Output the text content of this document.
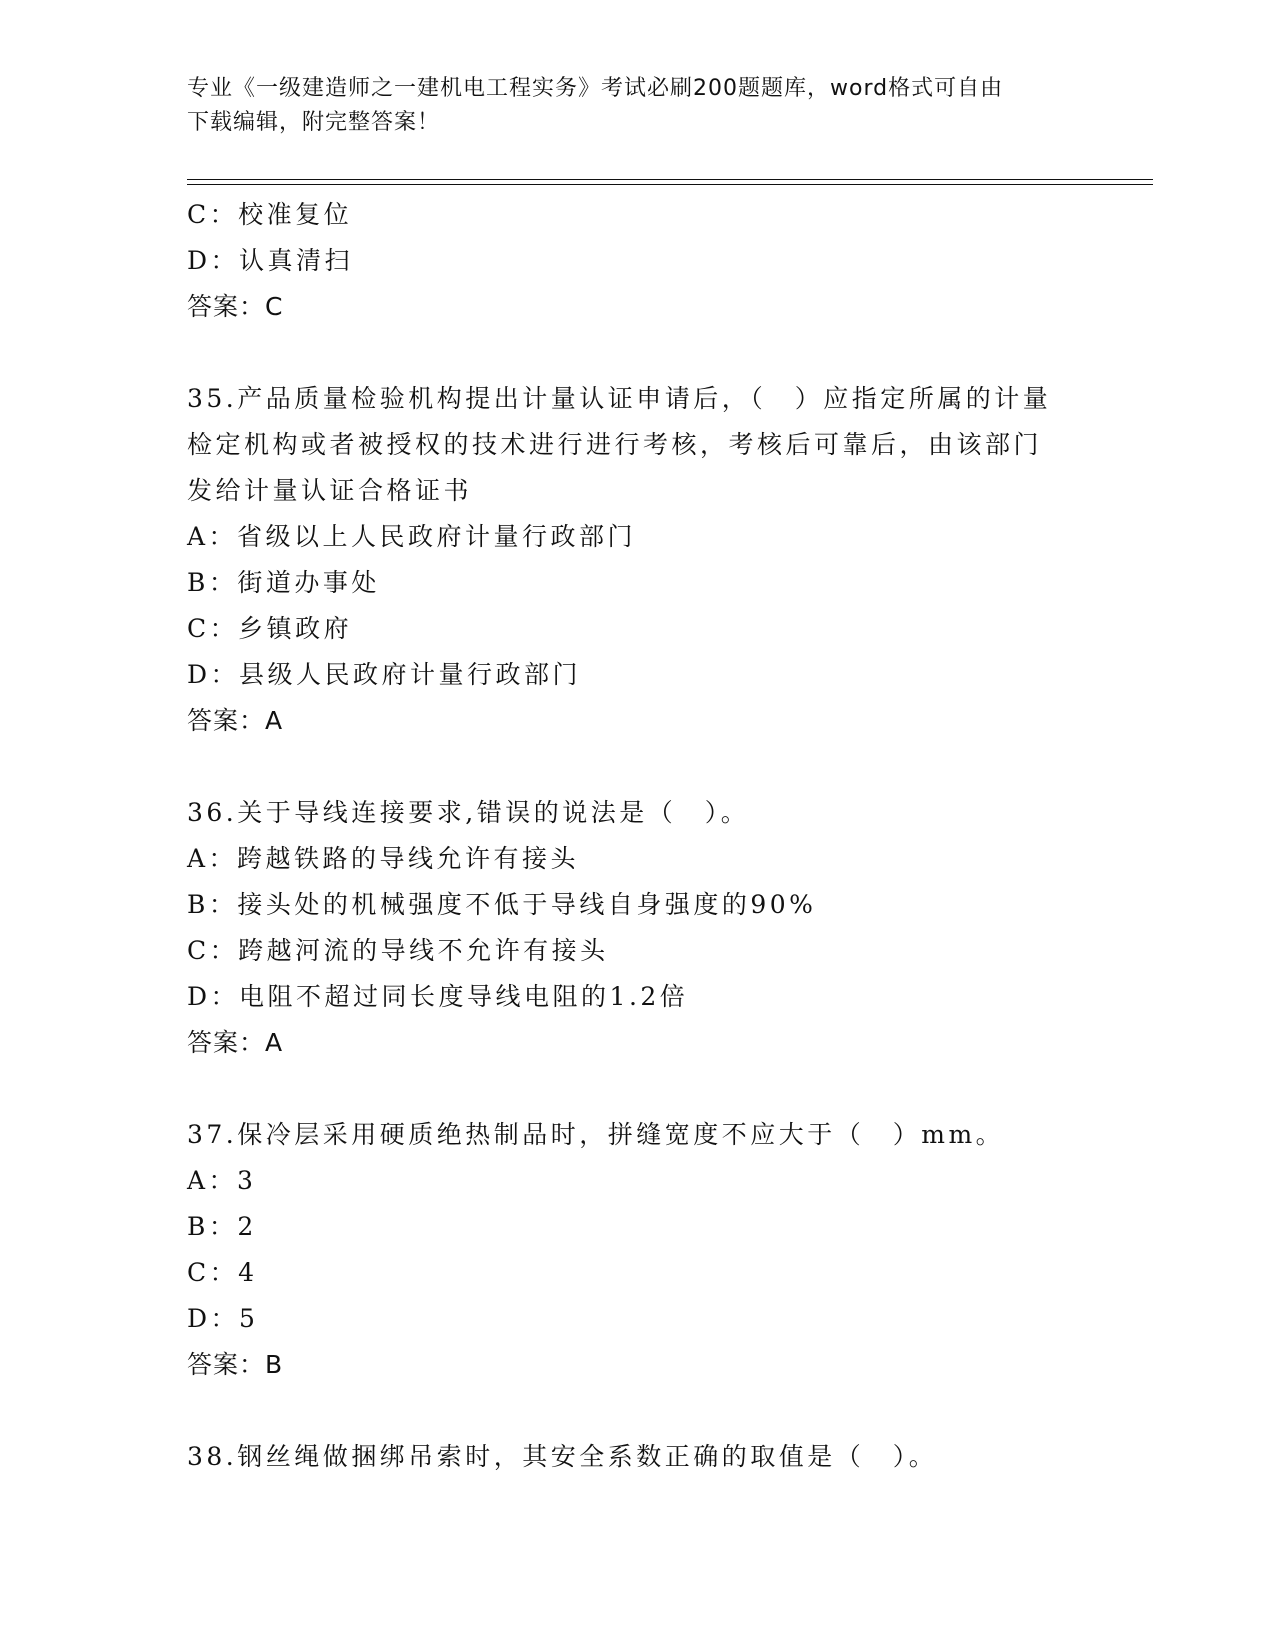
专业《一级建造师之一建机电工程实务》考试必刷200题题库，word格式可自由
下载编辑，附完整答案！
C：校准复位
D：认真清扫
答案：C
35.产品质量检验机构提出计量认证申请后，（　）应指定所属的计量
检定机构或者被授权的技术进行进行考核，考核后可靠后，由该部门
发给计量认证合格证书
A：省级以上人民政府计量行政部门
B：街道办事处
C：乡镇政府
D：县级人民政府计量行政部门
答案：A
36.关于导线连接要求,错误的说法是（　）。
A：跨越铁路的导线允许有接头
B：接头处的机械强度不低于导线自身强度的90%
C：跨越河流的导线不允许有接头
D：电阻不超过同长度导线电阻的1.2倍
答案：A
37.保冷层采用硬质绝热制品时，拼缝宽度不应大于（　）mm。
A：3
B：2
C：4
D：5
答案：B
38.钢丝绳做捆绑吊索时，其安全系数正确的取值是（　）。
